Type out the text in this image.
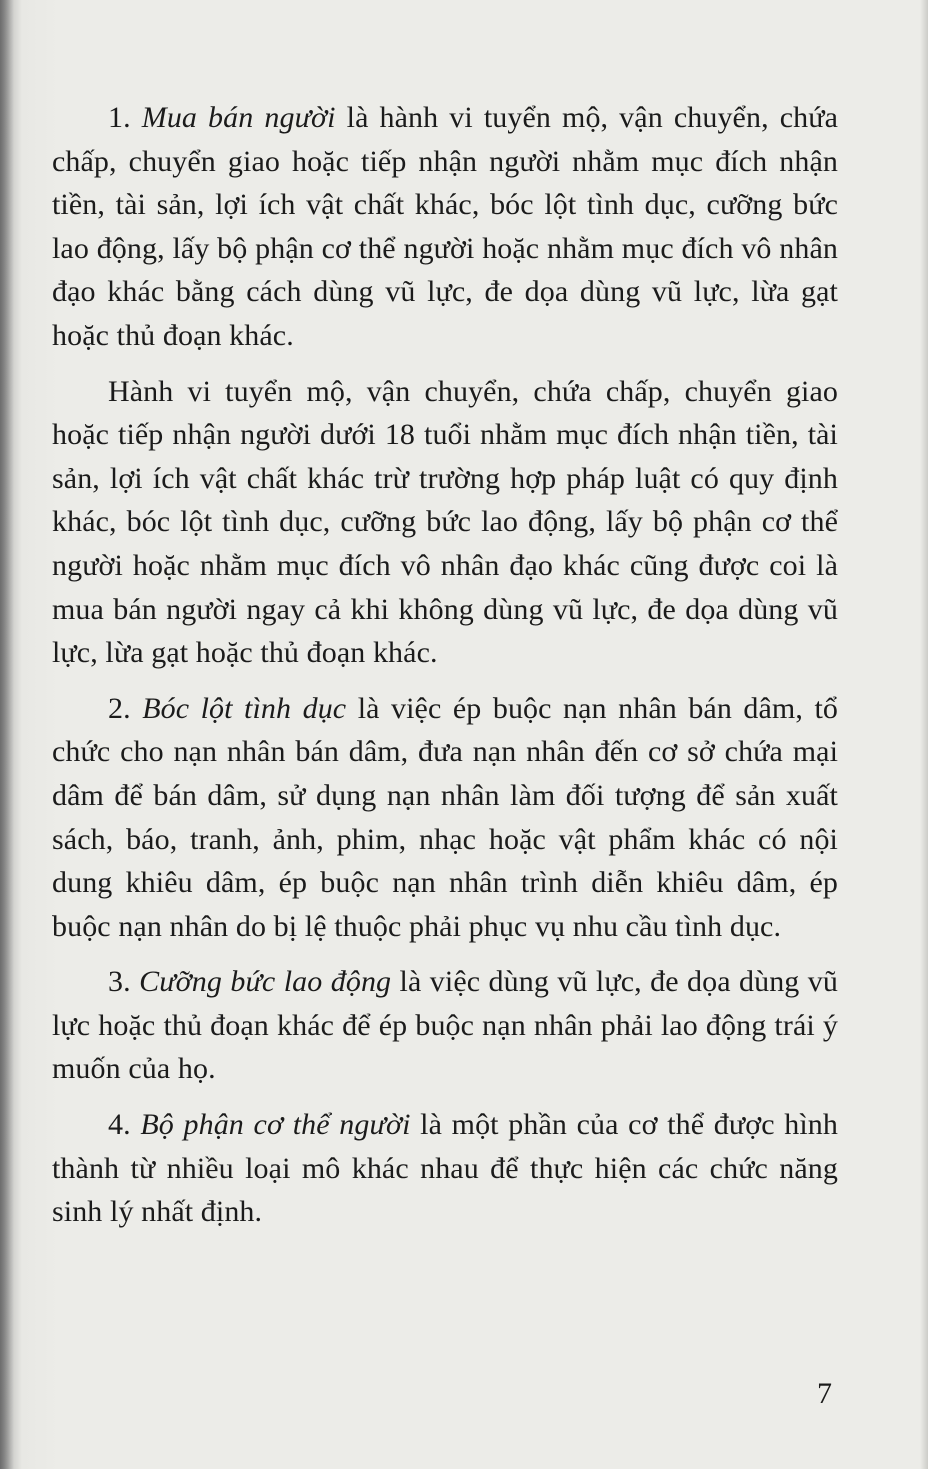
1. Mua bán người là hành vi tuyển mộ, vận chuyển, chứa chấp, chuyển giao hoặc tiếp nhận người nhằm mục đích nhận tiền, tài sản, lợi ích vật chất khác, bóc lột tình dục, cưỡng bức lao động, lấy bộ phận cơ thể người hoặc nhằm mục đích vô nhân đạo khác bằng cách dùng vũ lực, đe dọa dùng vũ lực, lừa gạt hoặc thủ đoạn khác.

Hành vi tuyển mộ, vận chuyển, chứa chấp, chuyển giao hoặc tiếp nhận người dưới 18 tuổi nhằm mục đích nhận tiền, tài sản, lợi ích vật chất khác trừ trường hợp pháp luật có quy định khác, bóc lột tình dục, cưỡng bức lao động, lấy bộ phận cơ thể người hoặc nhằm mục đích vô nhân đạo khác cũng được coi là mua bán người ngay cả khi không dùng vũ lực, đe dọa dùng vũ lực, lừa gạt hoặc thủ đoạn khác.

2. Bóc lột tình dục là việc ép buộc nạn nhân bán dâm, tổ chức cho nạn nhân bán dâm, đưa nạn nhân đến cơ sở chứa mại dâm để bán dâm, sử dụng nạn nhân làm đối tượng để sản xuất sách, báo, tranh, ảnh, phim, nhạc hoặc vật phẩm khác có nội dung khiêu dâm, ép buộc nạn nhân trình diễn khiêu dâm, ép buộc nạn nhân do bị lệ thuộc phải phục vụ nhu cầu tình dục.

3. Cưỡng bức lao động là việc dùng vũ lực, đe dọa dùng vũ lực hoặc thủ đoạn khác để ép buộc nạn nhân phải lao động trái ý muốn của họ.

4. Bộ phận cơ thể người là một phần của cơ thể được hình thành từ nhiều loại mô khác nhau để thực hiện các chức năng sinh lý nhất định.

7
